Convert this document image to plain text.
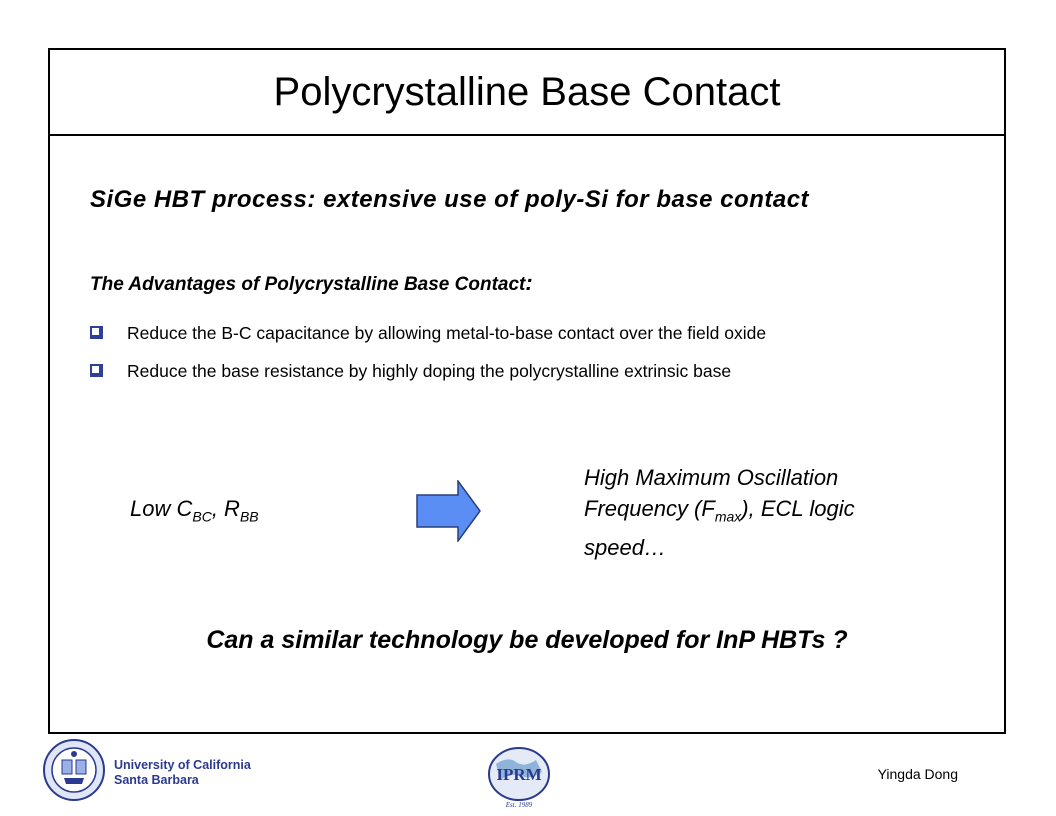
Polycrystalline Base Contact
SiGe HBT process: extensive use of poly-Si for base contact
The Advantages of Polycrystalline Base Contact:
Reduce the B-C capacitance by allowing metal-to-base contact over the field oxide
Reduce the base resistance by highly doping the polycrystalline extrinsic base
Low $C_{BC}$, $R_{BB}$
High Maximum Oscillation
Frequency $(F_{max})$, ECL logic
speed…
Can a similar technology be developed for InP HBTs ?
University of California
Santa Barbara	IPRM
Est. 1989
Yingda Dong
